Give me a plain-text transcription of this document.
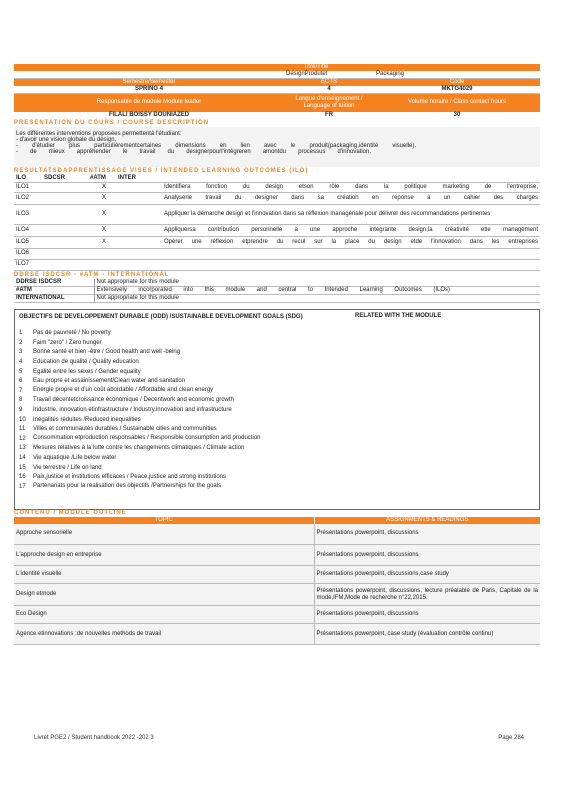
Titre/Title		
	DesignProdutet	Packaging
Semestre/Semester	ECTS	Code
SPRING 4	4	MKTG4029
Responsable de module Module leader	Langue d'enseignement / Language of tuition	Volume horaire / Class contact hours
FILALI BOISSY DOUNIAZED	FR	30
PRESENTATION DU COURS / COURSE DESCRIPTION
Les différentes interventions proposées permettentà l'étudiant:
- d'avoir une vision globale du design,
- d'étudier plus particulièrementcertaines dimensions en lien avec le produit(packaging,identité visuelle),
- de mieux appréhender le travail du designerpourl'intégreren amontdu processus d'innovation.
RESULTATSDAPPRENTISSAGE VISES / INTENDED LEARNING OUTCOMES (ILO)
ILO	SDCSR	#ATM	INTER	
ILO1		X		Identifiera fonction du design etson rôle dans la politique marketing de l'entreprise,
ILO2		X		Analyserle travail du designer dans sa création en réponse à un cahier des charges
ILO3		X		Appliquer la démarche design et l'innovation dans sa réflexion managériale pour délivrer des recommandations pertinentes
ILO4		X		Appliquersa contribution personnelle à une approche intégrante design,la créativité etle management
ILO5		X		Opérer une réflexion etprendre du recul sur la place du design etde l'innovation dans les entreprises
ILO6				
ILO7				
DDRSE ISDCSR - #ATM - INTERNATIONAL
DDRSE ISDCSR	Not appropriate for this module
#ATM	Extensively incorporated into this module and central to Intended Learning Outcomes (ILOs)
INTERNATIONAL	Not appropriate for this module
OBJECTIFS DE DEVELOPPEMENT DURABLE (ODD) /SUSTAINABLE DEVELOPMENT GOALS (SDG)	RELATED WITH THE MODULE
1	Pas de pauvreté / No poverty
2	Faim "zero" / Zero hunger
3	Bonne santé et bien -être / Good health and well -being
4	Education de qualité / Quality education
5	Egalité entre les sexes / Gender equality
6	Eau propre et assainissement/Clean water and sanitation
7	Energie propre et d'un coût abordable / Affordable and clean energy
8	Travail décentetcroissance économique / Decentwork and economic growth
9	Industrie, innovation etinfrastructure / Industry,innovation and infrastructure
10	Inégalités réduites /Reduced inequalities
11	Villes et communautés durables / Sustainable cities and communities
12	Consommation etproduction responsables / Responsible consumption and production
13	Mesures relatives à la lutte contre les changements climatiques / Climate action
14	Vie aquatique /Life below water
15	Vie terrestre / Life on land
16	Paix,justice et institutions efficaces / Peace,justice and strong institutions
17	Partenariats pour la réalisation des objectifs /Partnerships for the goals
CONTENU / MODULE OUTLINE
TOPIC	ASSIGNMENTS & READINGS
Approche sensorielle	Présentations powerpoint, discussions
L'approche design en entreprise	Présentations powerpoint, discussions
L'identité visuelle	Présentations powerpoint, discussions,case study
Design etmode	Présentations powerpoint, discussions, lecture préalable de Paris, Capitale de la mode,IFM,Mode de recherche n°22,2015.
Eco Design	Présentations powerpoint, discussions
Agence etinnovations :de nouvelles methods de travail	Présentations powerpoint, case study (évaluation contrôle continu)
Livret PGE2 / Student handbook 2022 -202 3	Page 284
